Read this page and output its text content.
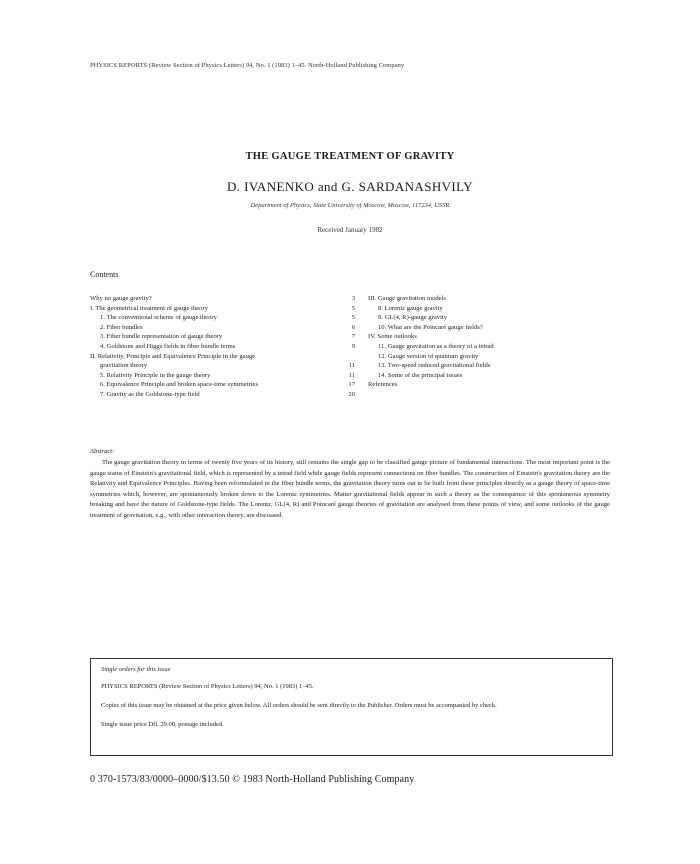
PHYSICS REPORTS (Review Section of Physics Letters) 94, No. 1 (1983) 1–45. North-Holland Publishing Company
THE GAUGE TREATMENT OF GRAVITY
D. IVANENKO and G. SARDANASHVILY
Department of Physics, State University of Moscow, Moscow, 117234, USSR
Received January 1982
Contents
Why no gauge gravity?	3
I. The geometrical treatment of gauge theory	5
1. The conventional scheme of gauge theory	5
2. Fiber bundles	6
3. Fiber bundle representation of gauge theory	7
4. Goldstone and Higgs fields in fiber bundle terms	9
II. Relativity, Principle and Equivalence Principle in the gauge
gravitation theory	11
5. Relativity Principle in the gauge theory	11
6. Equivalence Principle and broken space-time symmetries	17
7. Gravity as the Goldstone-type field	20
III. Gauge gravitation models
8. Lorentz gauge gravity
9. GL(4, R)-gauge gravity
10. What are the Poincaré gauge fields?
IV. Some outlooks
11. Gauge gravitation as a theory of a tetrad
12. Gauge version of quantum gravity
13. Two-speed reduced gravitational fields
14. Some of the principal issues
References
Abstract:
The gauge gravitation theory in terms of twenty five years of its history, still remains the single gap to be classified gauge picture of fundamental interactions. The most important point is the gauge status of Einstein's gravitational field, which is represented by a tetrad field while gauge fields represent connections on fiber bundles. The construction of Einstein's gravitation theory are the Relativity and Equivalence Principles. Having been reformulated in the fiber bundle terms, the gravitation theory turns out to be built from these principles directly as a gauge theory of space-time symmetries which, however, are spontaneously broken down to the Lorentz symmetries. Matter gravitational fields appear in such a theory as the consequence of this spontaneous symmetry breaking and have the nature of Goldstone-type fields. The Lorentz, GL(4, R) and Poincaré gauge theories of gravitation are analysed from these points of view, and some outlooks of the gauge treatment of gravitation, e.g., with other interaction theory, are discussed.
Single orders for this issue

PHYSICS REPORTS (Review Section of Physics Letters) 94, No. 1 (1983) 1–45.

Copies of this issue may be obtained at the price given below. All orders should be sent directly to the Publisher. Orders must be accompanied by check.

Single issue price Dfl. 29.00, postage included.

0 370-1573/83/0000–0000/$13.50 © 1983 North-Holland Publishing Company
